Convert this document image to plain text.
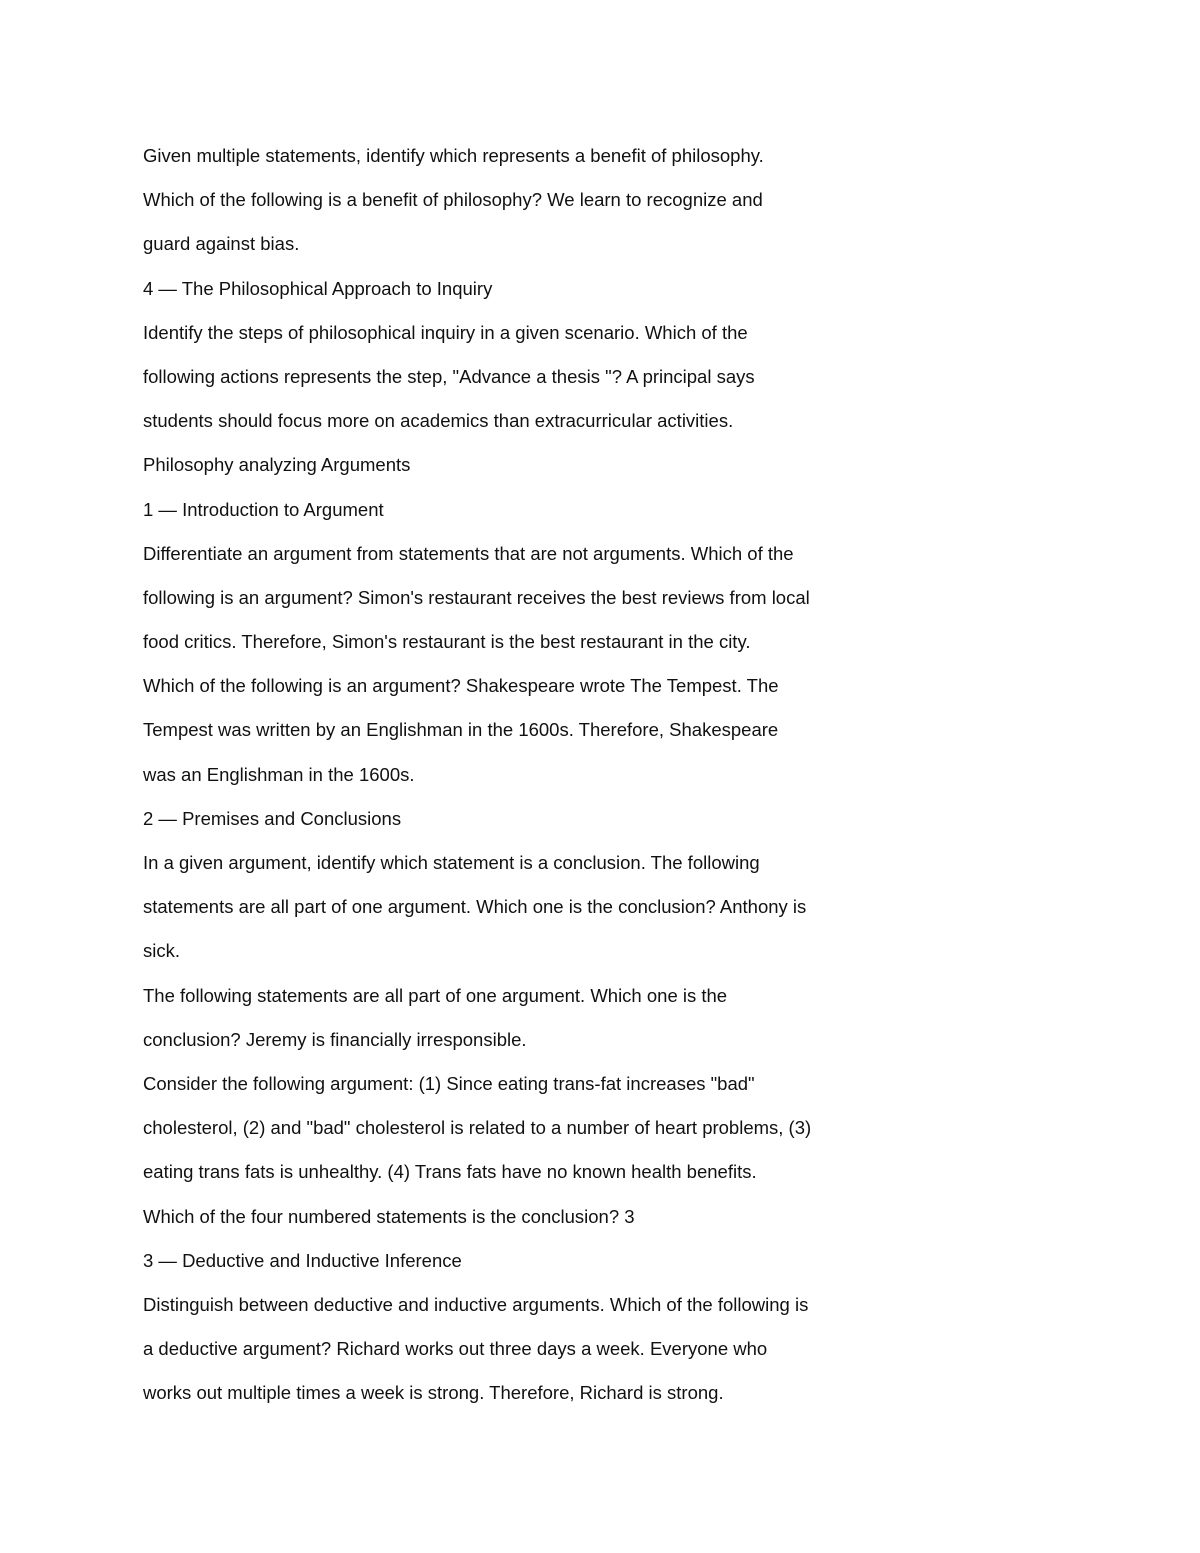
Given multiple statements, identify which represents a benefit of philosophy.
Which of the following is a benefit of philosophy? We learn to recognize and
guard against bias.
4 — The Philosophical Approach to Inquiry
Identify the steps of philosophical inquiry in a given scenario. Which of the
following actions represents the step, "Advance a thesis "? A principal says
students should focus more on academics than extracurricular activities.
Philosophy analyzing Arguments
1 — Introduction to Argument
Differentiate an argument from statements that are not arguments. Which of the
following is an argument? Simon's restaurant receives the best reviews from local
food critics. Therefore, Simon's restaurant is the best restaurant in the city.
Which of the following is an argument? Shakespeare wrote The Tempest. The
Tempest was written by an Englishman in the 1600s. Therefore, Shakespeare
was an Englishman in the 1600s.
2 — Premises and Conclusions
In a given argument, identify which statement is a conclusion. The following
statements are all part of one argument. Which one is the conclusion? Anthony is
sick.
The following statements are all part of one argument. Which one is the
conclusion? Jeremy is financially irresponsible.
Consider the following argument: (1) Since eating trans-fat increases "bad"
cholesterol, (2) and "bad" cholesterol is related to a number of heart problems, (3)
eating trans fats is unhealthy. (4) Trans fats have no known health benefits.
Which of the four numbered statements is the conclusion? 3
3 — Deductive and Inductive Inference
Distinguish between deductive and inductive arguments. Which of the following is
a deductive argument? Richard works out three days a week. Everyone who
works out multiple times a week is strong. Therefore, Richard is strong.
